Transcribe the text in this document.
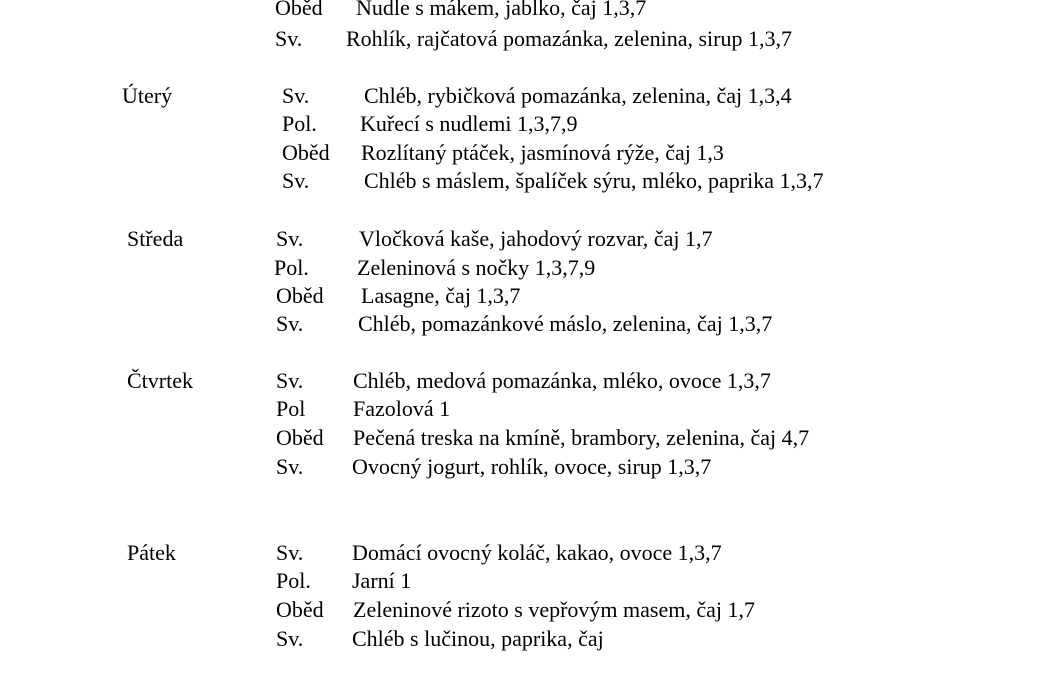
Oběd Nudle s mákem, jablko, čaj 1,3,7
Sv. Rohlík, rajčatová pomazánka, zelenina, sirup 1,3,7
Úterý	Sv. Chléb, rybičková pomazánka, zelenina, čaj 1,3,4
Pol. Kuřecí s nudlemi 1,3,7,9
Oběd Rozlítaný ptáček, jasmínová rýže, čaj 1,3
Sv. Chléb s máslem, špalíček sýru, mléko, paprika 1,3,7
Středa	Sv.	Vločková kaše, jahodový rozvar, čaj 1,7
Pol. Zeleninová s nočky 1,3,7,9
Oběd Lasagne, čaj 1,3,7
Sv. Chléb, pomazánkové máslo, zelenina, čaj 1,3,7
Čtvrtek	Sv. Chléb, medová pomazánka, mléko, ovoce 1,3,7
Pol Fazolová 1
Oběd Pečená treska na kmíně, brambory, zelenina, čaj 4,7
Sv. Ovocný jogurt, rohlík, ovoce, sirup 1,3,7
Pátek	Sv. Domácí ovocný koláč, kakao, ovoce 1,3,7
Pol. Jarní 1
Oběd Zeleninové rizoto s vepřovým masem, čaj 1,7
Sv. Chléb s lučinou, paprika, čaj
